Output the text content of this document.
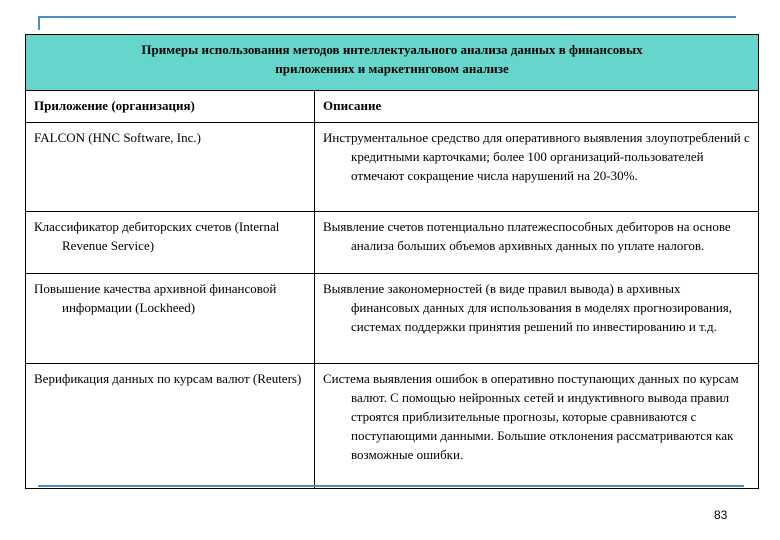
Примеры использования методов интеллектуального анализа данных в финансовых
приложениях и маркетинговом анализе	

Приложение (организация)	Описание

FALCON (HNC Software, Inc.)	Инструментальное средство для оперативного выявления злоупотреблений с кредитными карточками; более 100 организаций-пользователей отмечают сокращение числа нарушений на 20-30%.

Классификатор дебиторских счетов (Internal Revenue Service)	Выявление счетов потенциально платежеспособных дебиторов на основе анализа больших объемов архивных данных по уплате налогов.

Повышение качества архивной финансовой информации (Lockheed)	Выявление закономерностей (в виде правил вывода) в архивных финансовых данных для использования в моделях прогнозирования, системах поддержки принятия решений по инвестированию и т.д.

Верификация данных по курсам валют (Reuters)	Система выявления ошибок в оперативно поступающих данных по курсам валют. С помощью нейронных сетей и индуктивного вывода правил строятся приблизительные прогнозы, которые сравниваются с поступающими данными. Большие отклонения рассматриваются как возможные ошибки.
83
